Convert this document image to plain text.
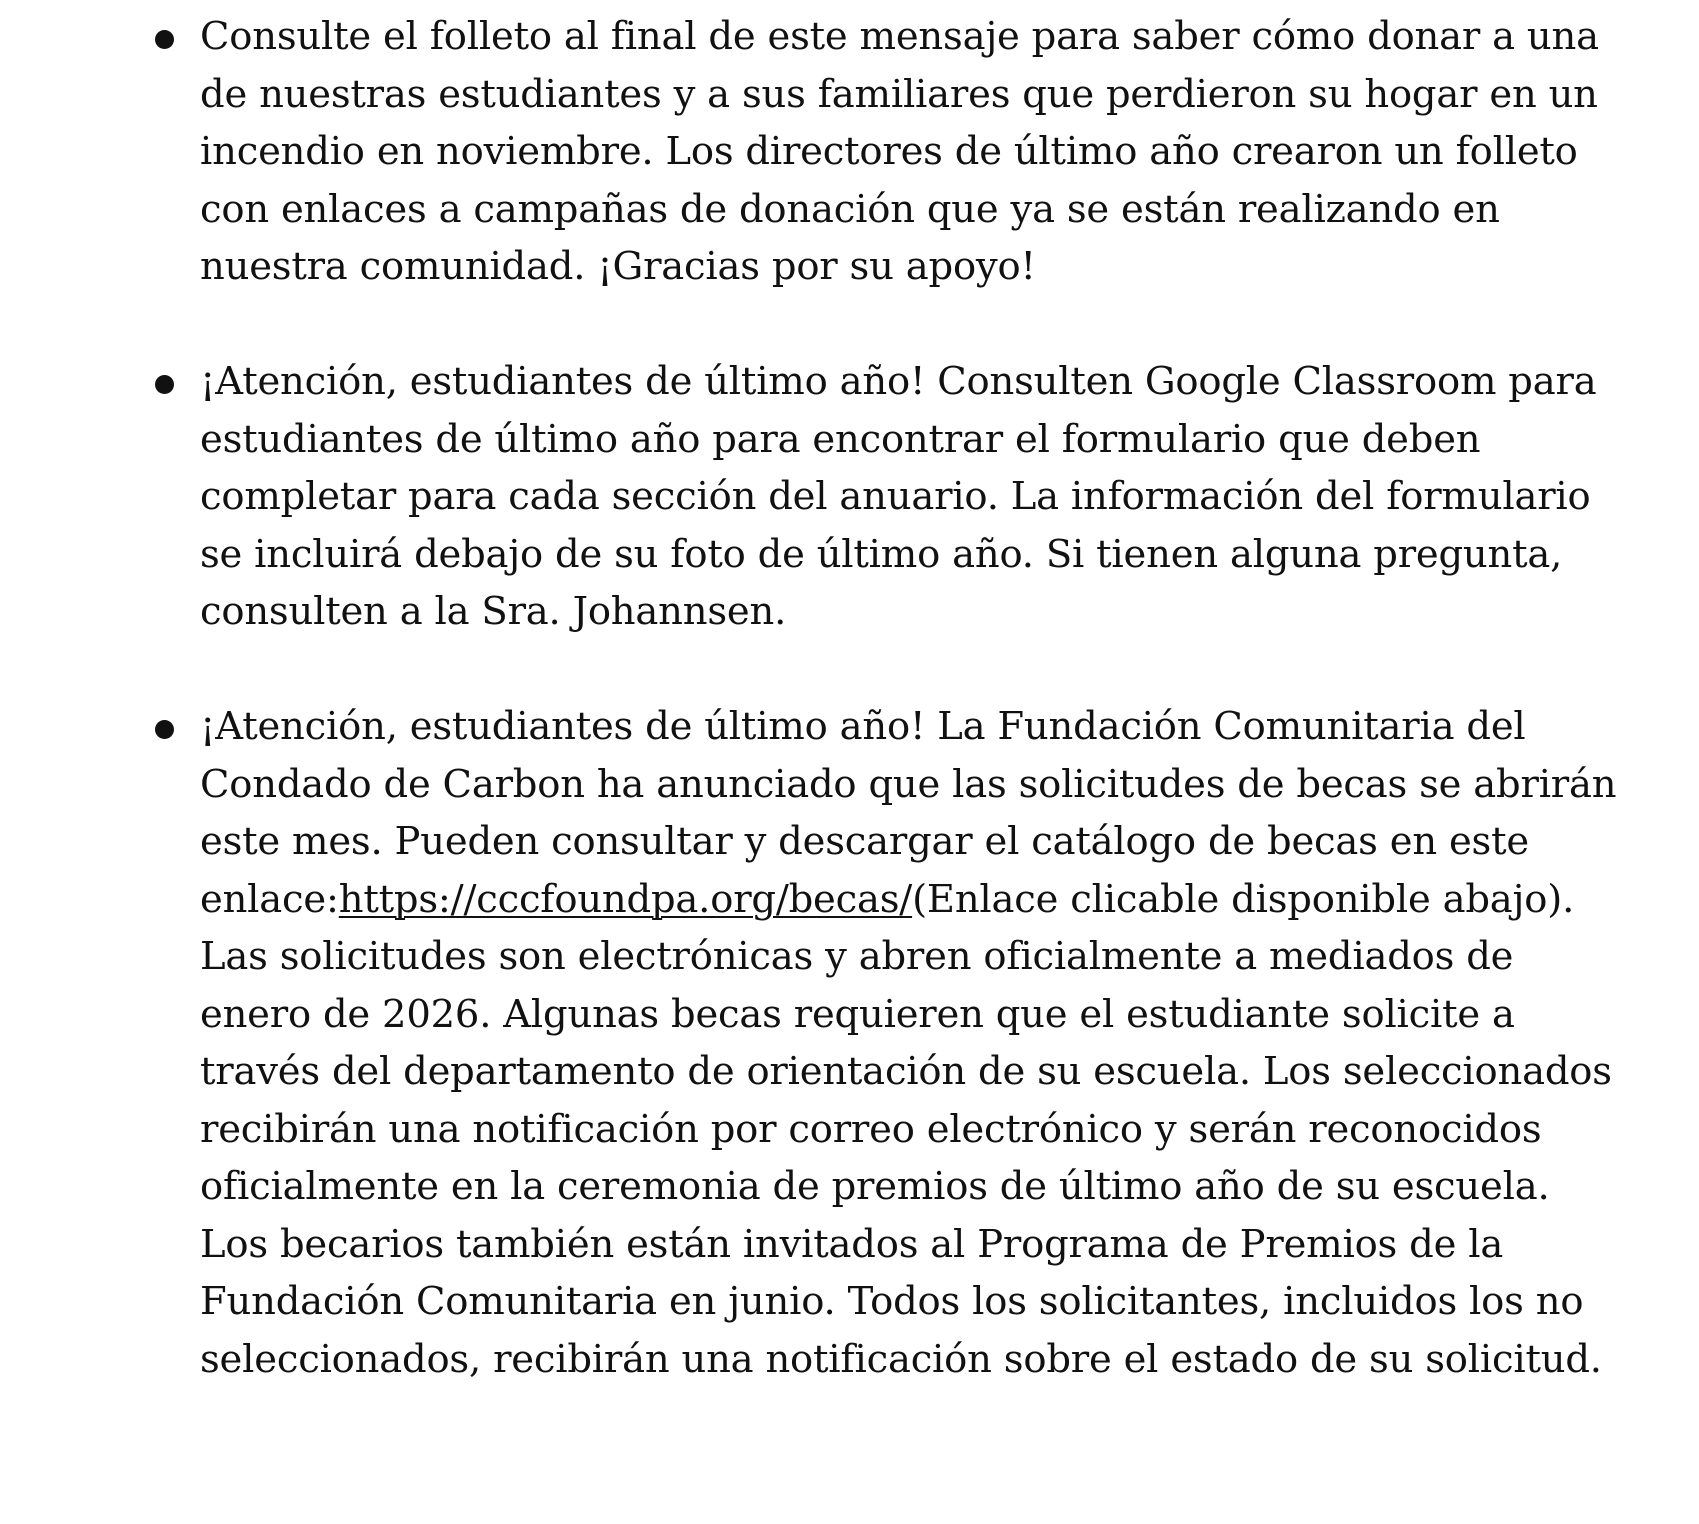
Consulte el folleto al final de este mensaje para saber cómo donar a una de nuestras estudiantes y a sus familiares que perdieron su hogar en un incendio en noviembre. Los directores de último año crearon un folleto con enlaces a campañas de donación que ya se están realizando en nuestra comunidad. ¡Gracias por su apoyo!
¡Atención, estudiantes de último año! Consulten Google Classroom para estudiantes de último año para encontrar el formulario que deben completar para cada sección del anuario. La información del formulario se incluirá debajo de su foto de último año. Si tienen alguna pregunta, consulten a la Sra. Johannsen.
¡Atención, estudiantes de último año! La Fundación Comunitaria del Condado de Carbon ha anunciado que las solicitudes de becas se abrirán este mes. Pueden consultar y descargar el catálogo de becas en este enlace:https://cccfoundpa.org/becas/(Enlace clicable disponible abajo). Las solicitudes son electrónicas y abren oficialmente a mediados de enero de 2026. Algunas becas requieren que el estudiante solicite a través del departamento de orientación de su escuela. Los seleccionados recibirán una notificación por correo electrónico y serán reconocidos oficialmente en la ceremonia de premios de último año de su escuela. Los becarios también están invitados al Programa de Premios de la Fundación Comunitaria en junio. Todos los solicitantes, incluidos los no seleccionados, recibirán una notificación sobre el estado de su solicitud.
